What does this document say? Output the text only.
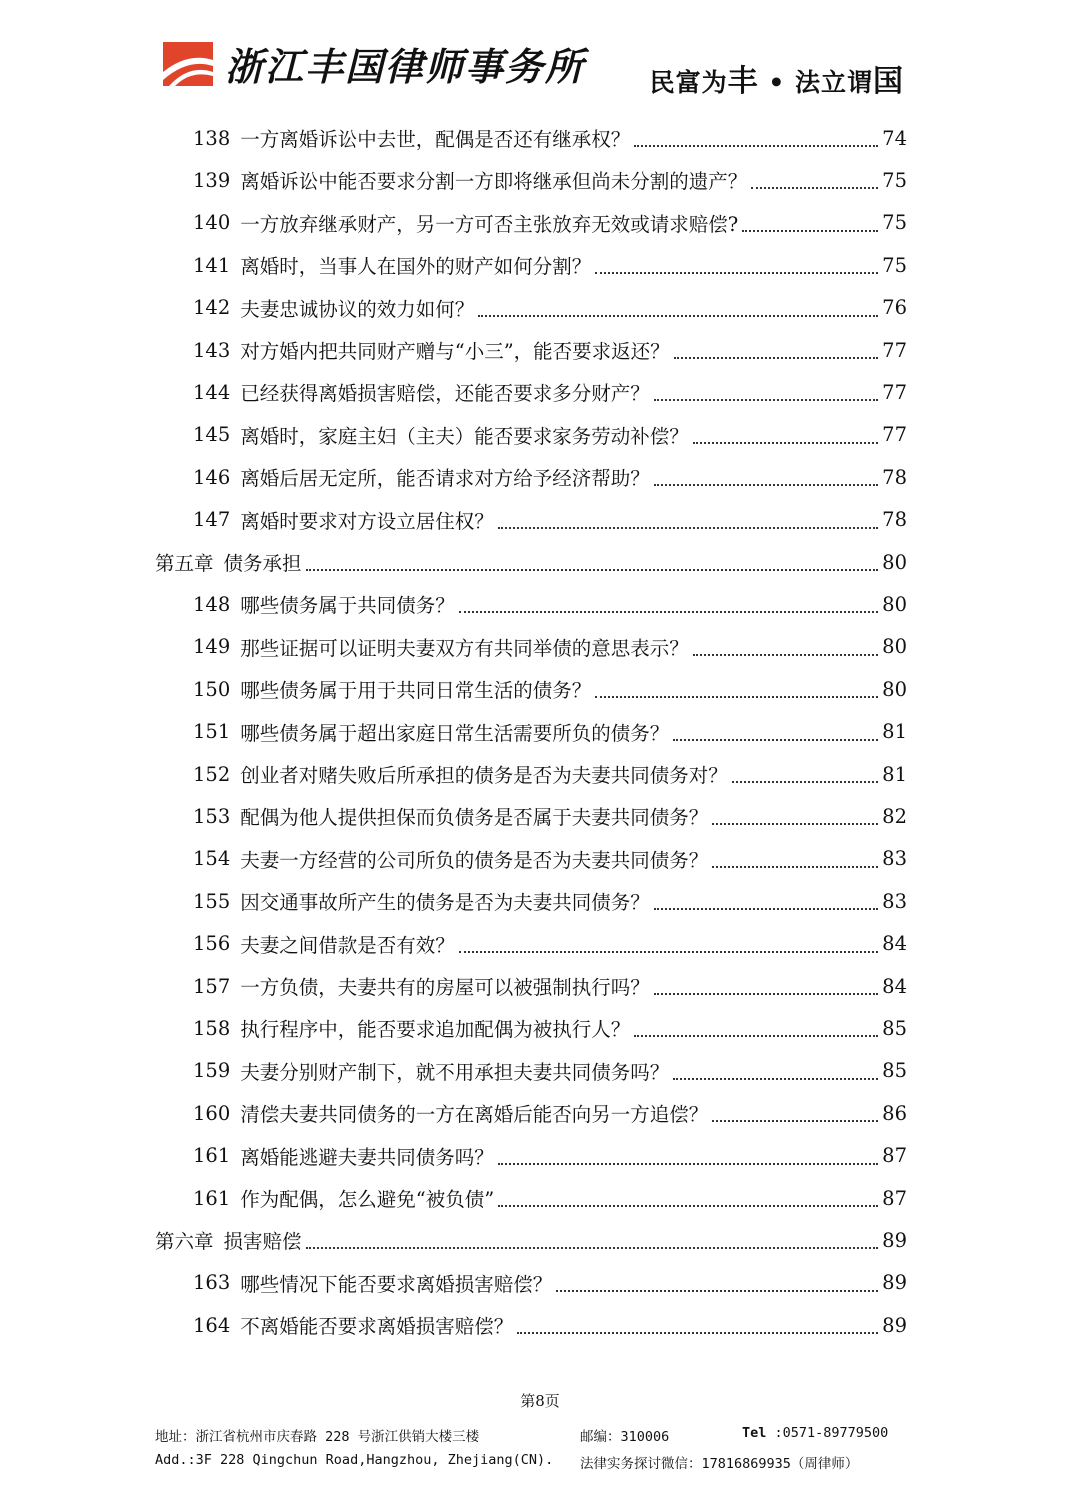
浙江丰国律师事务所	民富为丰 • 法立谓国
138 一方离婚诉讼中去世，配偶是否还有继承权？	74
139 离婚诉讼中能否要求分割一方即将继承但尚未分割的遗产？	75
140 一方放弃继承财产，另一方可否主张放弃无效或请求赔偿?	75
141 离婚时，当事人在国外的财产如何分割？	75
142 夫妻忠诚协议的效力如何？	76
143 对方婚内把共同财产赠与“小三”，能否要求返还？	77
144 已经获得离婚损害赔偿，还能否要求多分财产？	77
145 离婚时，家庭主妇（主夫）能否要求家务劳动补偿？	77
146 离婚后居无定所，能否请求对方给予经济帮助？	78
147 离婚时要求对方设立居住权？	78
第五章 债务承担	80
148 哪些债务属于共同债务？	80
149 那些证据可以证明夫妻双方有共同举债的意思表示？	80
150 哪些债务属于用于共同日常生活的债务？	80
151 哪些债务属于超出家庭日常生活需要所负的债务？	81
152 创业者对赌失败后所承担的债务是否为夫妻共同债务对？	81
153 配偶为他人提供担保而负债务是否属于夫妻共同债务？	82
154 夫妻一方经营的公司所负的债务是否为夫妻共同债务？	83
155 因交通事故所产生的债务是否为夫妻共同债务？	83
156 夫妻之间借款是否有效？	84
157 一方负债，夫妻共有的房屋可以被强制执行吗？	84
158 执行程序中，能否要求追加配偶为被执行人？	85
159 夫妻分别财产制下，就不用承担夫妻共同债务吗？	85
160 清偿夫妻共同债务的一方在离婚后能否向另一方追偿？	86
161 离婚能逃避夫妻共同债务吗？	87
161 作为配偶，怎么避免“被负债”	87
第六章 损害赔偿	89
163 哪些情况下能否要求离婚损害赔偿？	89
164 不离婚能否要求离婚损害赔偿？	89
第8页
地址：浙江省杭州市庆春路 228 号浙江供销大楼三楼	邮编：310006	Tel :0571-89779500
Add.:3F 228 Qingchun Road,Hangzhou, Zhejiang(CN). 法律实务探讨微信：17816869935（周律师）
